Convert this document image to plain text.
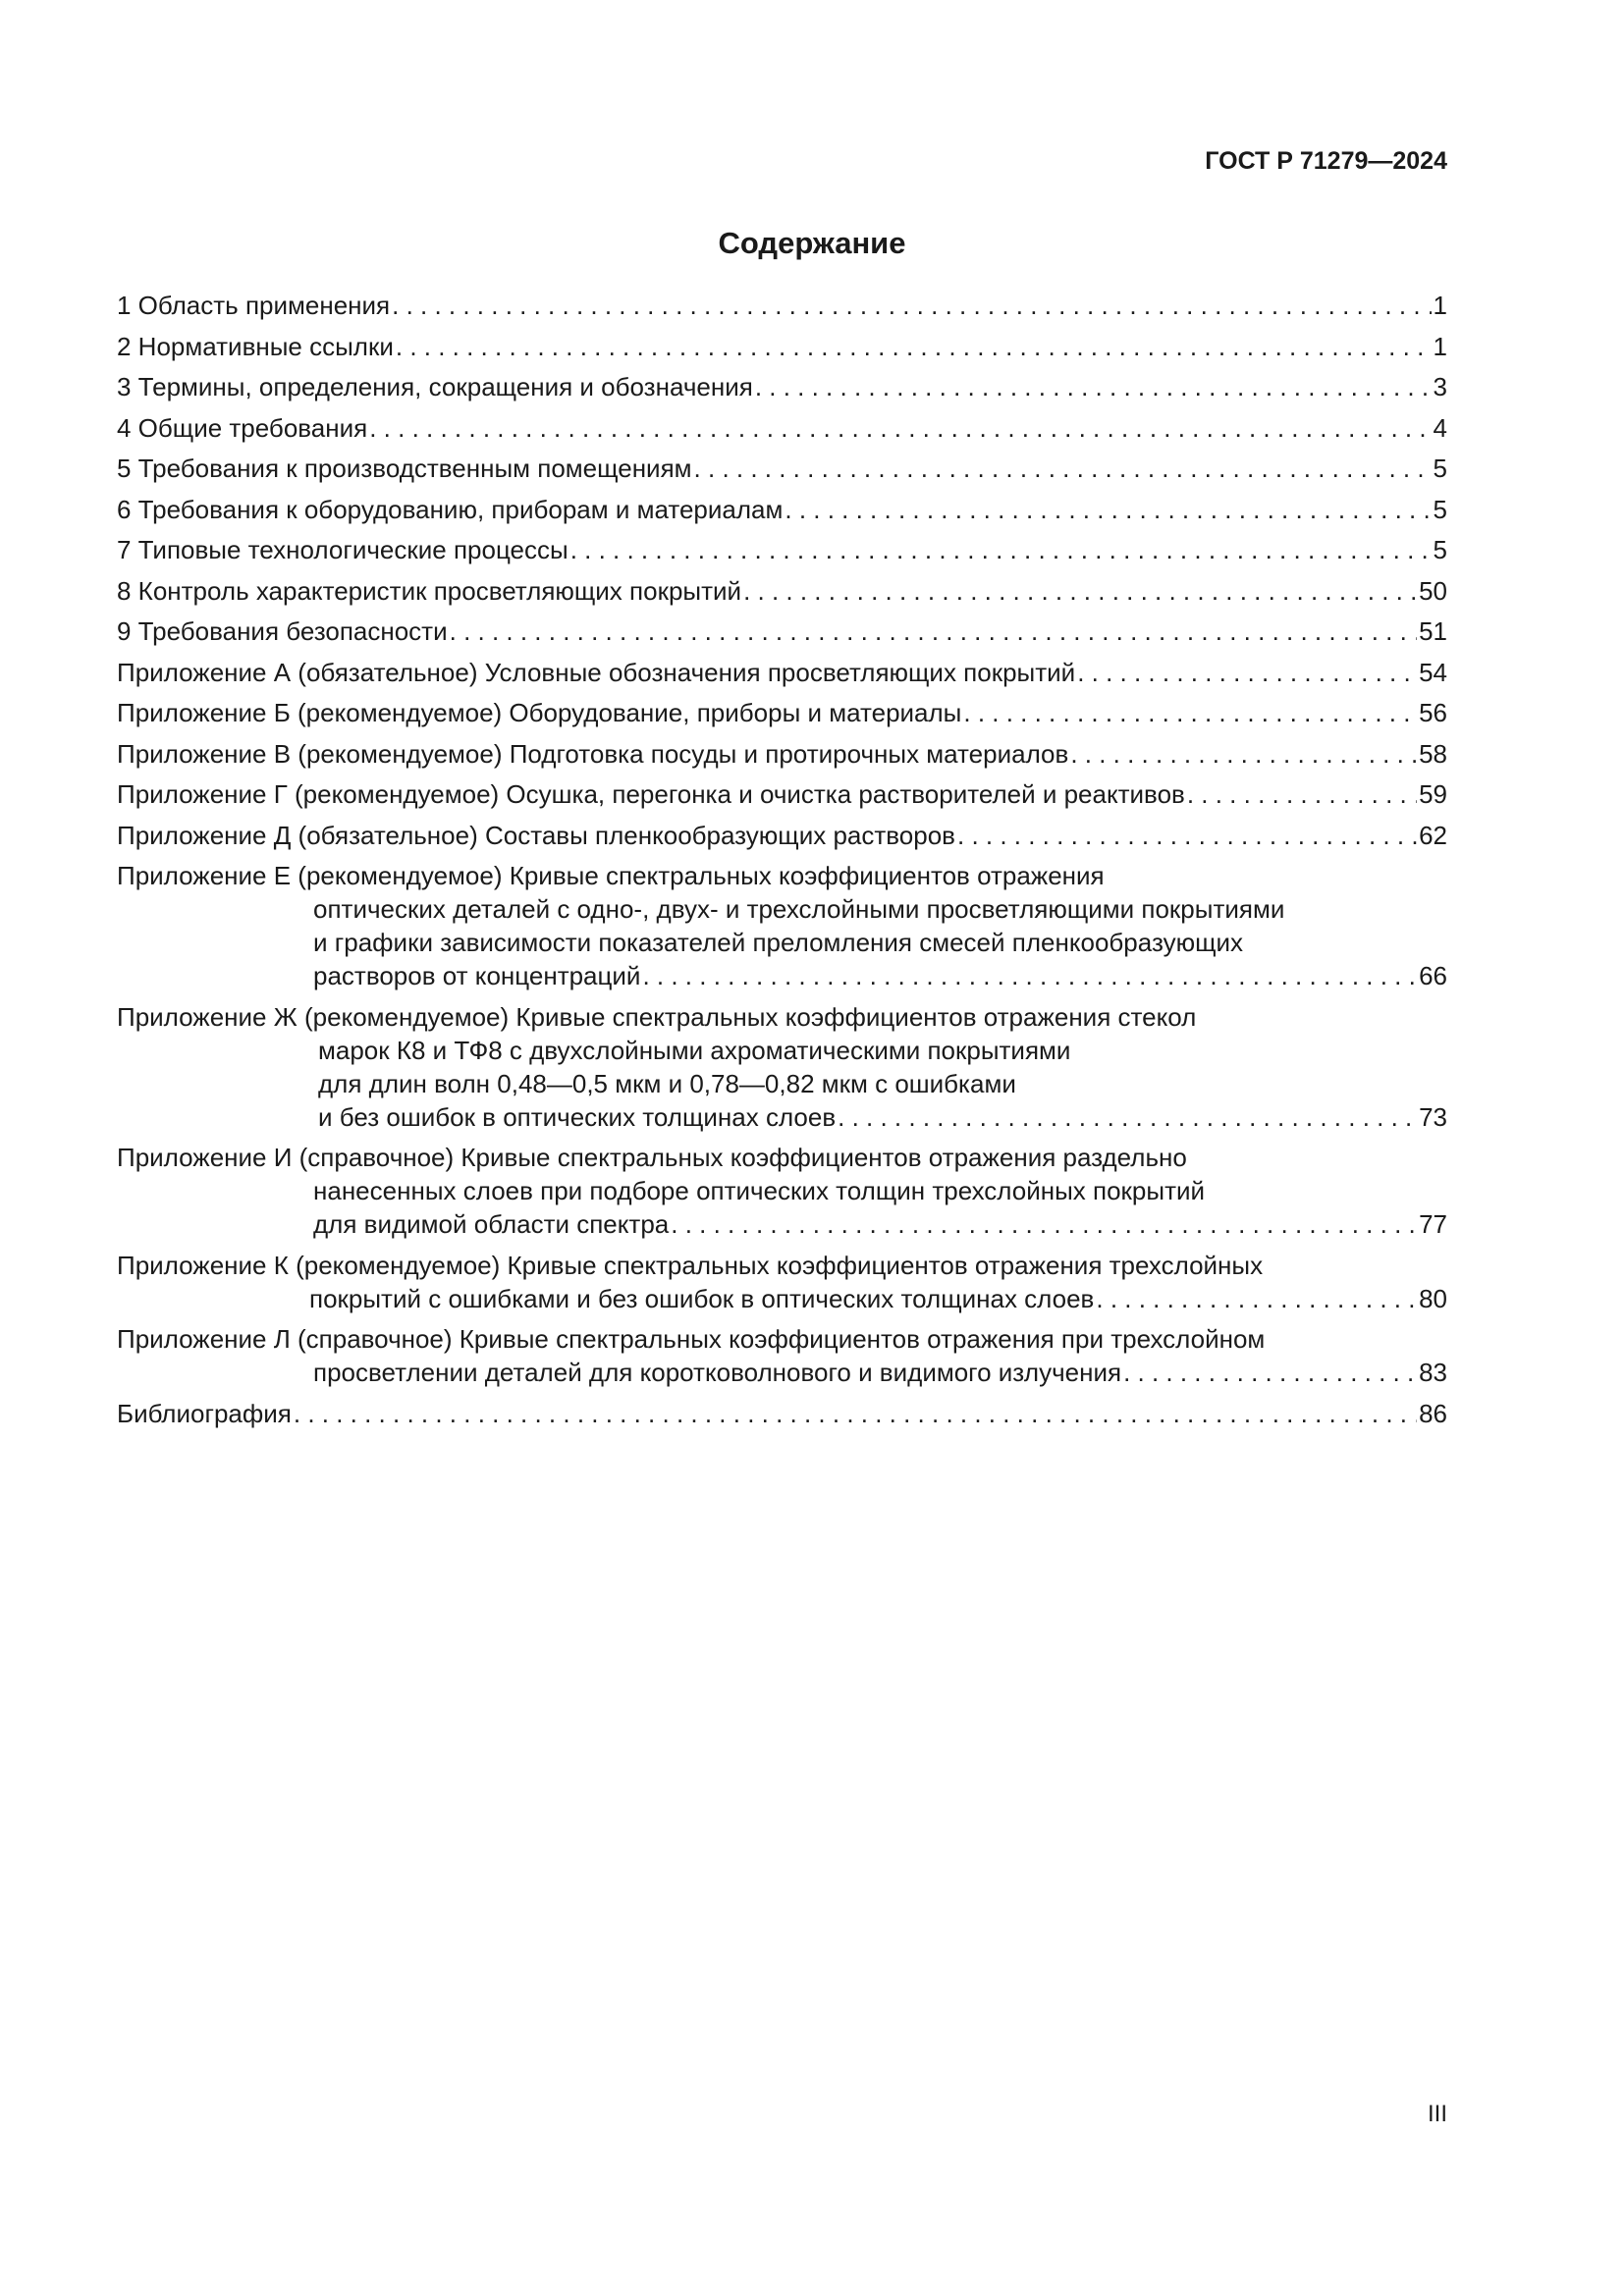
ГОСТ Р 71279—2024
Содержание
1 Область применения . . .	1
2 Нормативные ссылки . . .	1
3 Термины, определения, сокращения и обозначения . . .	3
4 Общие требования . . .	4
5 Требования к производственным помещениям . . .	5
6 Требования к оборудованию, приборам и материалам . . .	5
7 Типовые технологические процессы . . .	5
8 Контроль характеристик просветляющих покрытий . . .	50
9 Требования безопасности . . .	51
Приложение А (обязательное) Условные обозначения просветляющих покрытий . . .	54
Приложение Б (рекомендуемое) Оборудование, приборы и материалы . . .	56
Приложение В (рекомендуемое) Подготовка посуды и протирочных материалов . . .	58
Приложение Г (рекомендуемое) Осушка, перегонка и очистка растворителей и реактивов . . .	59
Приложение Д (обязательное) Составы пленкообразующих растворов . . .	62
Приложение Е (рекомендуемое) Кривые спектральных коэффициентов отражения
оптических деталей с одно-, двух- и трехслойными просветляющими покрытиями
и графики зависимости показателей преломления смесей пленкообразующих
растворов от концентраций . . .	66
Приложение Ж (рекомендуемое) Кривые спектральных коэффициентов отражения стекол
марок К8 и ТФ8 с двухслойными ахроматическими покрытиями
для длин волн 0,48—0,5 мкм и 0,78—0,82 мкм с ошибками
и без ошибок в оптических толщинах слоев . . .	73
Приложение И (справочное) Кривые спектральных коэффициентов отражения раздельно
нанесенных слоев при подборе оптических толщин трехслойных покрытий
для видимой области спектра . . .	77
Приложение К (рекомендуемое) Кривые спектральных коэффициентов отражения трехслойных
покрытий с ошибками и без ошибок в оптических толщинах слоев . . .	80
Приложение Л (справочное) Кривые спектральных коэффициентов отражения при трехслойном
просветлении деталей для коротковолнового и видимого излучения . . .	83
Библиография . . .	86
III
